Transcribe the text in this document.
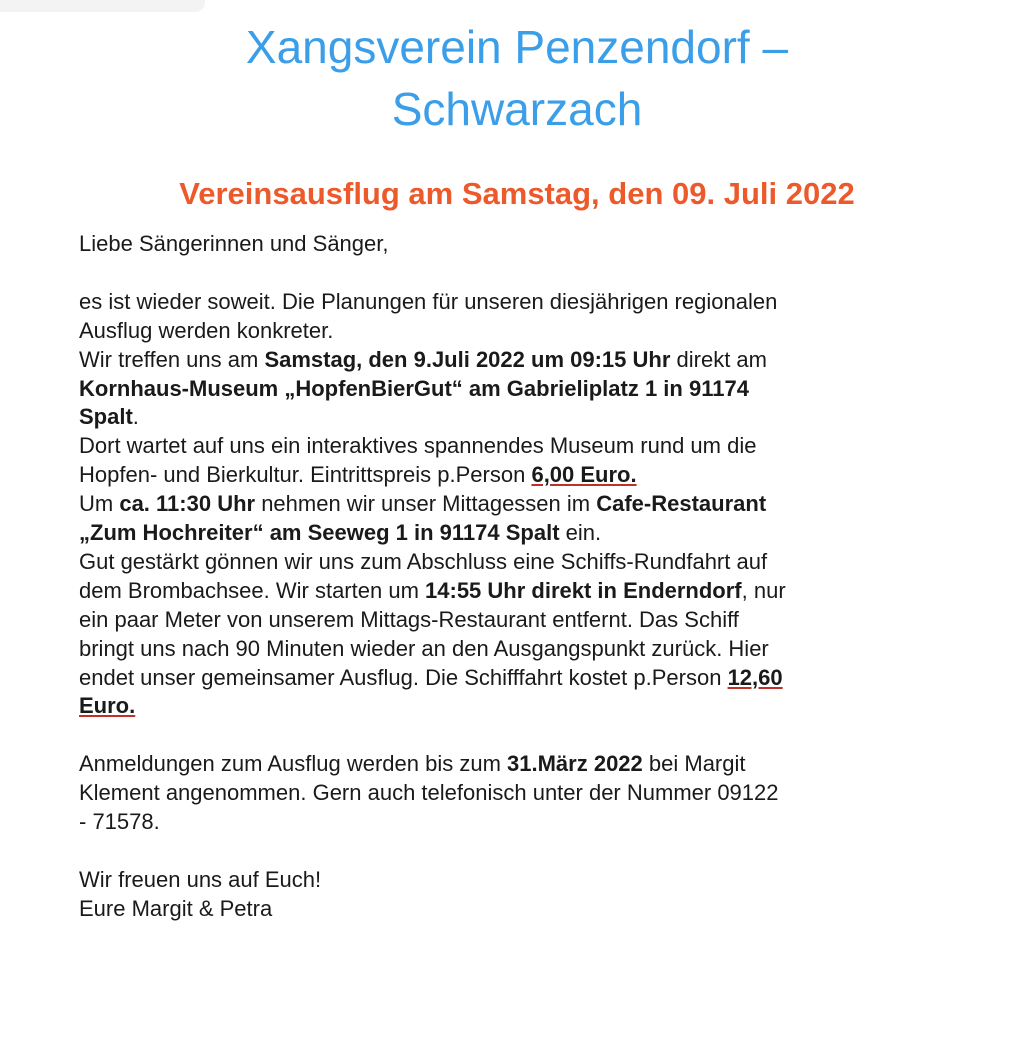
Xangsverein Penzendorf –
Schwarzach
Vereinsausflug am Samstag, den 09. Juli 2022
Liebe Sängerinnen und Sänger,
es ist wieder soweit. Die Planungen für unseren diesjährigen regionalen
Ausflug werden konkreter.
Wir treffen uns am Samstag, den 9.Juli 2022 um 09:15 Uhr direkt am
Kornhaus-Museum „HopfenBierGut“ am Gabrieliplatz 1 in 91174
Spalt.
Dort wartet auf uns ein interaktives spannendes Museum rund um die
Hopfen- und Bierkultur. Eintrittspreis p.Person 6,00 Euro.
Um ca. 11:30 Uhr nehmen wir unser Mittagessen im Cafe-Restaurant
„Zum Hochreiter“ am Seeweg 1 in 91174 Spalt ein.
Gut gestärkt gönnen wir uns zum Abschluss eine Schiffs-Rundfahrt auf
dem Brombachsee. Wir starten um 14:55 Uhr direkt in Enderndorf, nur
ein paar Meter von unserem Mittags-Restaurant entfernt. Das Schiff
bringt uns nach 90 Minuten wieder an den Ausgangspunkt zurück. Hier
endet unser gemeinsamer Ausflug. Die Schifffahrt kostet p.Person 12,60
Euro.
Anmeldungen zum Ausflug werden bis zum 31.März 2022 bei Margit
Klement angenommen. Gern auch telefonisch unter der Nummer 09122
- 71578.
Wir freuen uns auf Euch!
Eure Margit & Petra
